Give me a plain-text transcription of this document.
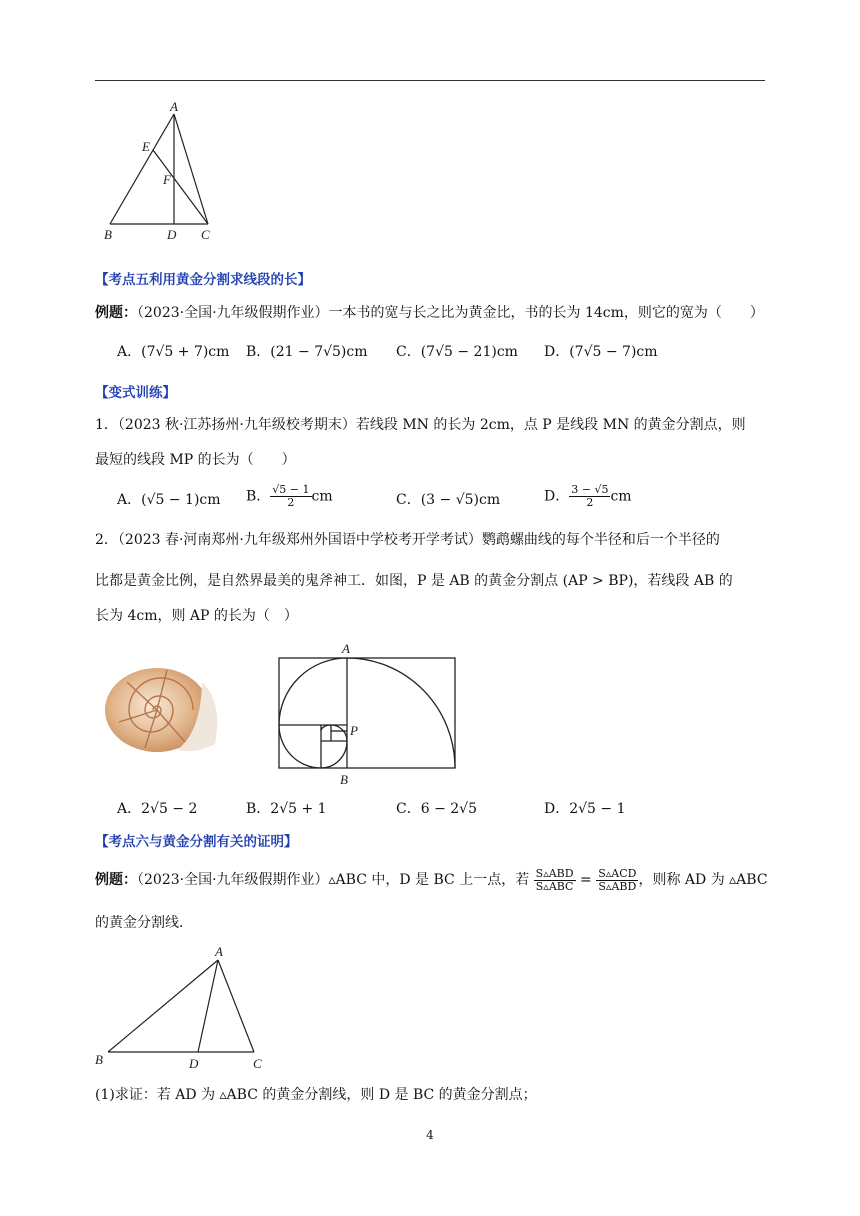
A
E
F
B	D C
【考点五利用黄金分割求线段的长】
例题：（2023·全国·九年级假期作业）一本书的宽与长之比为黄金比，书的长为 14cm，则它的宽为（　　）
A．(7√5 + 7)cm B．(21 − 7√5)cm C．(7√5 − 21)cm D．(7√5 − 7)cm
【变式训练】
1．（2023 秋·江苏扬州·九年级校考期末）若线段 MN 的长为 2cm，点 P 是线段 MN 的黄金分割点，则
最短的线段 MP 的长为（　　）
A．(√5 − 1)cm B． $\frac{√5 - 1}{2}$ cm	C．(3 − √5)cm	D． $\frac{3 - √5}{2}$ cm
2．（2023 春·河南郑州·九年级郑州外国语中学校考开学考试）鹦鹉螺曲线的每个半径和后一个半径的
比都是黄金比例，是自然界最美的鬼斧神工．如图，P 是 AB 的黄金分割点 (AP > BP)，若线段 AB 的
长为 4cm，则 AP 的长为（　）
A
P
B
A．2√5 − 2	B．2√5 + 1	C．6 − 2√5	D．2√5 − 1
【考点六与黄金分割有关的证明】
例题：（2023·全国·九年级假期作业）▵ABC 中，D 是 BC 上一点，若 $\frac{\text{S▵ABD}}{\text{S▵ABC}} = \frac{\text{S▵ACD}}{\text{S▵ABD}}$ ，则称 AD 为 ▵ABC
的黄金分割线．
A
B	D	C
(1)求证：若 AD 为 ▵ABC 的黄金分割线，则 D 是 BC 的黄金分割点；
4
